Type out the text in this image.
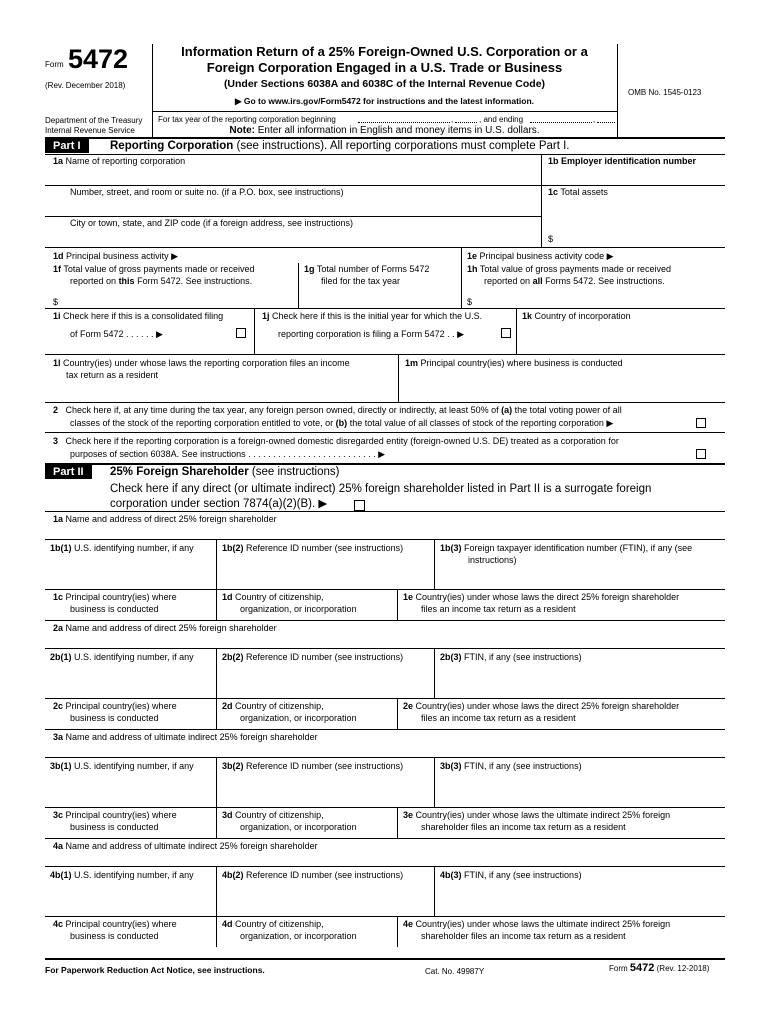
Form 5472
(Rev. December 2018)
Department of the Treasury
Internal Revenue Service
Information Return of a 25% Foreign-Owned U.S. Corporation or a
Foreign Corporation Engaged in a U.S. Trade or Business
(Under Sections 6038A and 6038C of the Internal Revenue Code)
▶ Go to www.irs.gov/Form5472 for instructions and the latest information.
OMB No. 1545-0123
For tax year of the reporting corporation beginning	,	, and ending	,
Note: Enter all information in English and money items in U.S. dollars.
Part I	Reporting Corporation (see instructions). All reporting corporations must complete Part I.
1a Name of reporting corporation	1b Employer identification number
Number, street, and room or suite no. (if a P.O. box, see instructions)	1c Total assets
City or town, state, and ZIP code (if a foreign address, see instructions)
$
1d Principal business activity ▶	1e Principal business activity code ▶
1f Total value of gross payments made or received
reported on this Form 5472. See instructions.
$
1g Total number of Forms 5472
filed for the tax year
1h Total value of gross payments made or received
reported on all Forms 5472. See instructions.
$
1i Check here if this is a consolidated filing
of Form 5472 . . . . . . ▶
1j Check here if this is the initial year for which the U.S.
reporting corporation is filing a Form 5472 . . ▶
1k Country of incorporation
1l Country(ies) under whose laws the reporting corporation files an income
tax return as a resident
1m Principal country(ies) where business is conducted
2 Check here if, at any time during the tax year, any foreign person owned, directly or indirectly, at least 50% of (a) the total voting power of all
classes of the stock of the reporting corporation entitled to vote, or (b) the total value of all classes of stock of the reporting corporation ▶
3 Check here if the reporting corporation is a foreign-owned domestic disregarded entity (foreign-owned U.S. DE) treated as a corporation for
purposes of section 6038A. See instructions . . . . . . . . . . . . . . . . . . . . . . . . . . ▶
Part II	25% Foreign Shareholder (see instructions)
Check here if any direct (or ultimate indirect) 25% foreign shareholder listed in Part II is a surrogate foreign
corporation under section 7874(a)(2)(B). ▶
1a Name and address of direct 25% foreign shareholder
1b(1) U.S. identifying number, if any	1b(2) Reference ID number (see instructions)	1b(3) Foreign taxpayer identification number (FTIN), if any (see
instructions)
1c Principal country(ies) where
business is conducted
1d Country of citizenship,
organization, or incorporation
1e Country(ies) under whose laws the direct 25% foreign shareholder
files an income tax return as a resident
2a Name and address of direct 25% foreign shareholder
2b(1) U.S. identifying number, if any	2b(2) Reference ID number (see instructions)	2b(3) FTIN, if any (see instructions)
2c Principal country(ies) where
business is conducted
2d Country of citizenship,
organization, or incorporation
2e Country(ies) under whose laws the direct 25% foreign shareholder
files an income tax return as a resident
3a Name and address of ultimate indirect 25% foreign shareholder
3b(1) U.S. identifying number, if any	3b(2) Reference ID number (see instructions)	3b(3) FTIN, if any (see instructions)
3c Principal country(ies) where
business is conducted
3d Country of citizenship,
organization, or incorporation
3e Country(ies) under whose laws the ultimate indirect 25% foreign
shareholder files an income tax return as a resident
4a Name and address of ultimate indirect 25% foreign shareholder
4b(1) U.S. identifying number, if any	4b(2) Reference ID number (see instructions)	4b(3) FTIN, if any (see instructions)
4c Principal country(ies) where
business is conducted
4d Country of citizenship,
organization, or incorporation
4e Country(ies) under whose laws the ultimate indirect 25% foreign
shareholder files an income tax return as a resident
For Paperwork Reduction Act Notice, see instructions.	Cat. No. 49987Y	Form 5472 (Rev. 12-2018)
